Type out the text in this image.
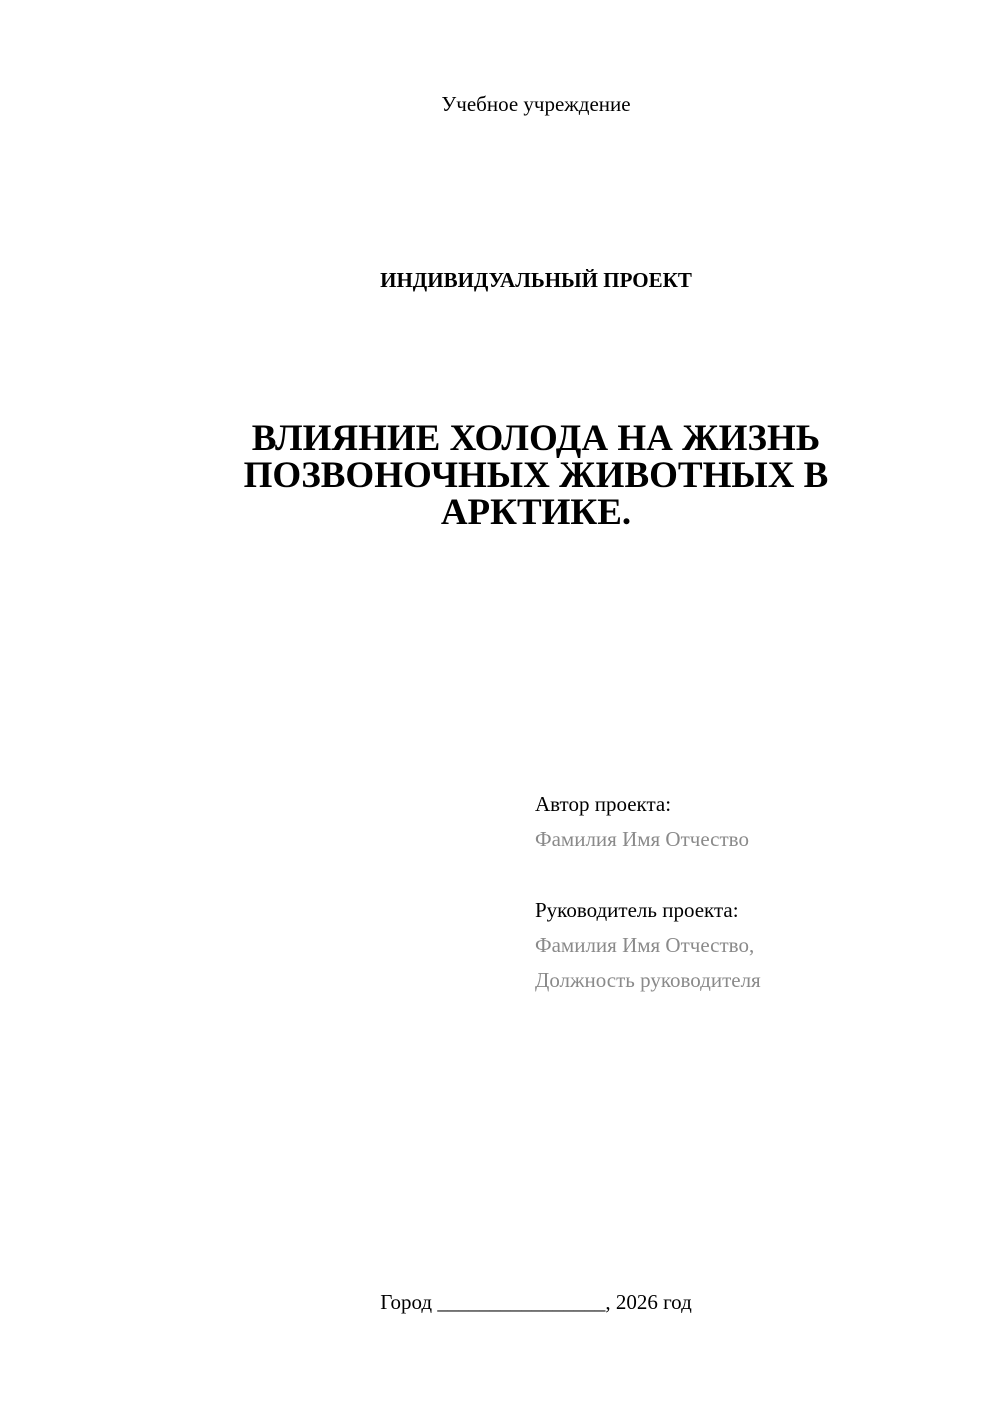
Учебное учреждение
ИНДИВИДУАЛЬНЫЙ ПРОЕКТ
ВЛИЯНИЕ ХОЛОДА НА ЖИЗНЬ
ПОЗВОНОЧНЫХ ЖИВОТНЫХ В
АРКТИКЕ.
Автор проекта:
Фамилия Имя Отчество
Руководитель проекта:
Фамилия Имя Отчество,
Должность руководителя
Город ________________, 2026 год
